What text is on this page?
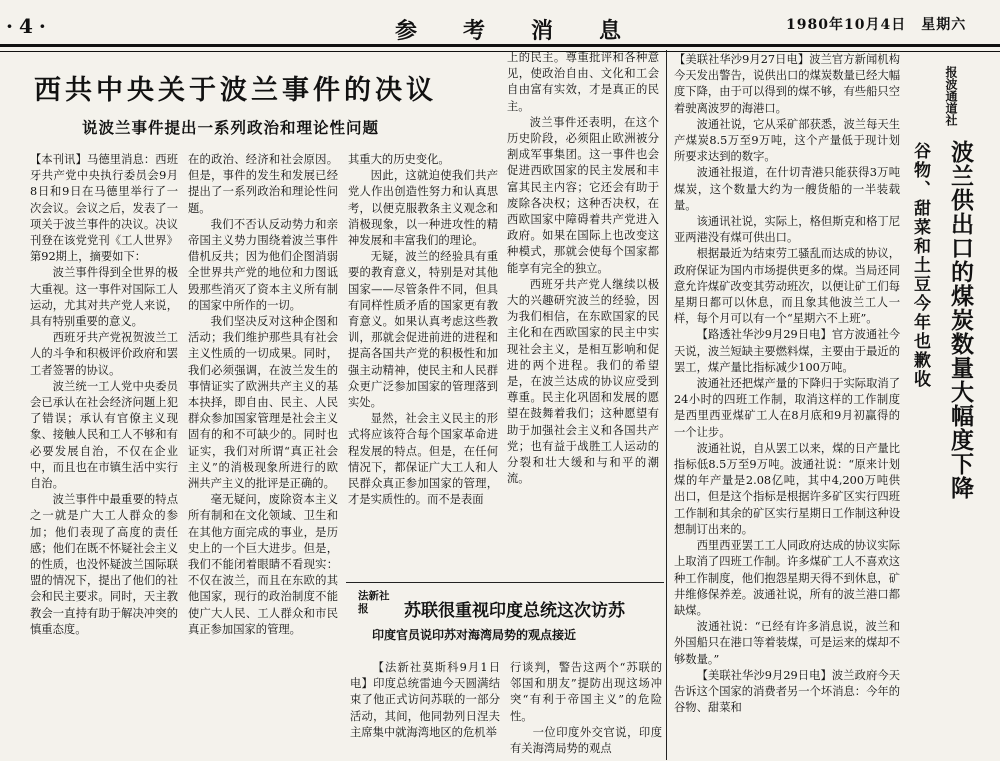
·4·	参考消息	1980年10月4日　星期六
西共中央关于波兰事件的决议
说波兰事件提出一系列政治和理论性问题

【本刊讯】马德里消息：西班牙共产党中央执行委员会9月8日和9日在马德里举行了一次会议。会议之后，发表了一项关于波兰事件的决议。决议刊登在该党党刊《工人世界》第92期上，摘要如下：

波兰事件得到全世界的极大重视。这一事件对国际工人运动，尤其对共产党人来说，具有特别重要的意义。

西班牙共产党祝贺波兰工人的斗争和积极评价政府和罢工者签署的协议。

波兰统一工人党中央委员会已承认在社会经济问题上犯了错误；承认有官僚主义现象、接触人民和工人不够和有必要发展自治，不仅在企业中，而且也在市镇生活中实行自治。

波兰事件中最重要的特点之一就是广大工人群众的参加；他们表现了高度的责任感；他们在既不怀疑社会主义的性质，也没怀疑波兰国际联盟的情况下，提出了他们的社会和民主要求。同时，天主教教会一直持有助于解决冲突的慎重态度。

在的政治、经济和社会原因。但是，事件的发生和发展已经提出了一系列政治和理论性问题。

我们不否认反动势力和亲帝国主义势力围绕着波兰事件借机反共；因为他们企图消弱全世界共产党的地位和力图诋毁那些消灭了资本主义所有制的国家中所作的一切。

我们坚决反对这种企图和活动；我们维护那些具有社会主义性质的一切成果。同时，我们必须强调，在波兰发生的事情证实了欧洲共产主义的基本抉择，即自由、民主、人民群众参加国家管理是社会主义固有的和不可缺少的。同时也证实，我们对所谓“真正社会主义”的消极现象所进行的欧洲共产主义的批评是正确的。

毫无疑问，废除资本主义所有制和在文化领域、卫生和在其他方面完成的事业，是历史上的一个巨大进步。但是，我们不能闭着眼睛不看现实：不仅在波兰，而且在东欧的其他国家，现行的政治制度不能使广大人民、工人群众和市民真正参加国家的管理。

其重大的历史变化。

因此，这就迫使我们共产党人作出创造性努力和认真思考，以便克服教条主义观念和消极现象，以一种进攻性的精神发展和丰富我们的理论。

无疑，波兰的经验具有重要的教育意义，特别是对其他国家——尽管条件不同，但具有同样性质矛盾的国家更有教育意义。如果认真考虑这些教训，那就会促进前进的进程和提高各国共产党的积极性和加强主动精神，使民主和人民群众更广泛参加国家的管理落到实处。

显然，社会主义民主的形式将应该符合每个国家革命进程发展的特点。但是，在任何情况下，都保证广大工人和人民群众真正参加国家的管理，才是实质性的。而不是表面

上的民主。尊重批评和各种意见，使政治自由、文化和工会自由富有实效，才是真正的民主。

波兰事件还表明，在这个历史阶段，必须阻止欧洲被分割成军事集团。这一事件也会促进西欧国家的民主发展和丰富其民主内容；它还会有助于废除各决权；这种否决权，在西欧国家中障碍着共产党进入政府。如果在国际上也改变这种模式，那就会使每个国家都能享有完全的独立。

西班牙共产党人继续以极大的兴趣研究波兰的经验，因为我们相信，在东欧国家的民主化和在西欧国家的民主中实现社会主义，是相互影响和促进的两个进程。我们的希望是，在波兰达成的协议应受到尊重。民主化巩固和发展的愿望在鼓舞着我们；这种愿望有助于加强社会主义和各国共产党；也有益于战胜工人运动的分裂和壮大缓和与和平的潮流。

法新社报	苏联很重视印度总统这次访苏
印度官员说印苏对海湾局势的观点接近

【法新社莫斯科9月1日电】印度总统雷迪今天圆满结束了他正式访问苏联的一部分活动，其间，他同勃列日涅夫主席集中就海湾地区的危机举

行谈判，警告这两个“苏联的邻国和朋友”提防出现这场冲突“有利于帝国主义”的危险性。

一位印度外交官说，印度有关海湾局势的观点

报波通道社
波兰供出口的煤炭数量大幅度下降
谷物、甜菜和土豆今年也歉收

【美联社华沙9月27日电】波兰官方新闻机构今天发出警告，说供出口的煤炭数量已经大幅度下降，由于可以得到的煤不够，有些船只空着驶离波罗的海港口。

波通社说，它从采矿部获悉，波兰每天生产煤炭8.5万至9万吨，这个产量低于现计划所要求达到的数字。

波通社报道，在什切青港只能获得3万吨煤炭，这个数量大约为一艘货船的一半装载量。

该通讯社说，实际上，格但斯克和格丁尼亚两港没有煤可供出口。

根据最近为结束劳工骚乱而达成的协议，政府保证为国内市场提供更多的煤。当局还同意允许煤矿改变其劳动班次，以便让矿工们每星期日都可以休息，而且象其他波兰工人一样，每个月可以有一个“星期六不上班”。

【路透社华沙9月29日电】官方波通社今天说，波兰短缺主要燃料煤，主要由于最近的罢工，煤产量比指标减少100万吨。

波通社还把煤产量的下降归于实际取消了24小时的四班工作制，取消这样的工作制度是西里西亚煤矿工人在8月底和9月初赢得的一个让步。

波通社说，自从罢工以来，煤的日产量比指标低8.5万至9万吨。波通社说：“原来计划煤的年产量是2.08亿吨，其中4,200万吨供出口，但是这个指标是根据许多矿区实行四班工作制和其余的矿区实行星期日工作制这种设想制订出来的。

西里西亚罢工工人同政府达成的协议实际上取消了四班工作制。许多煤矿工人不喜欢这种工作制度，他们抱怨星期天得不到休息，矿井维修保养差。波通社说，所有的波兰港口都缺煤。

波通社说：“已经有许多消息说，波兰和外国船只在港口等着装煤，可是运来的煤却不够数量。”

【美联社华沙9月29日电】波兰政府今天告诉这个国家的消费者另一个坏消息：今年的谷物、甜菜和
